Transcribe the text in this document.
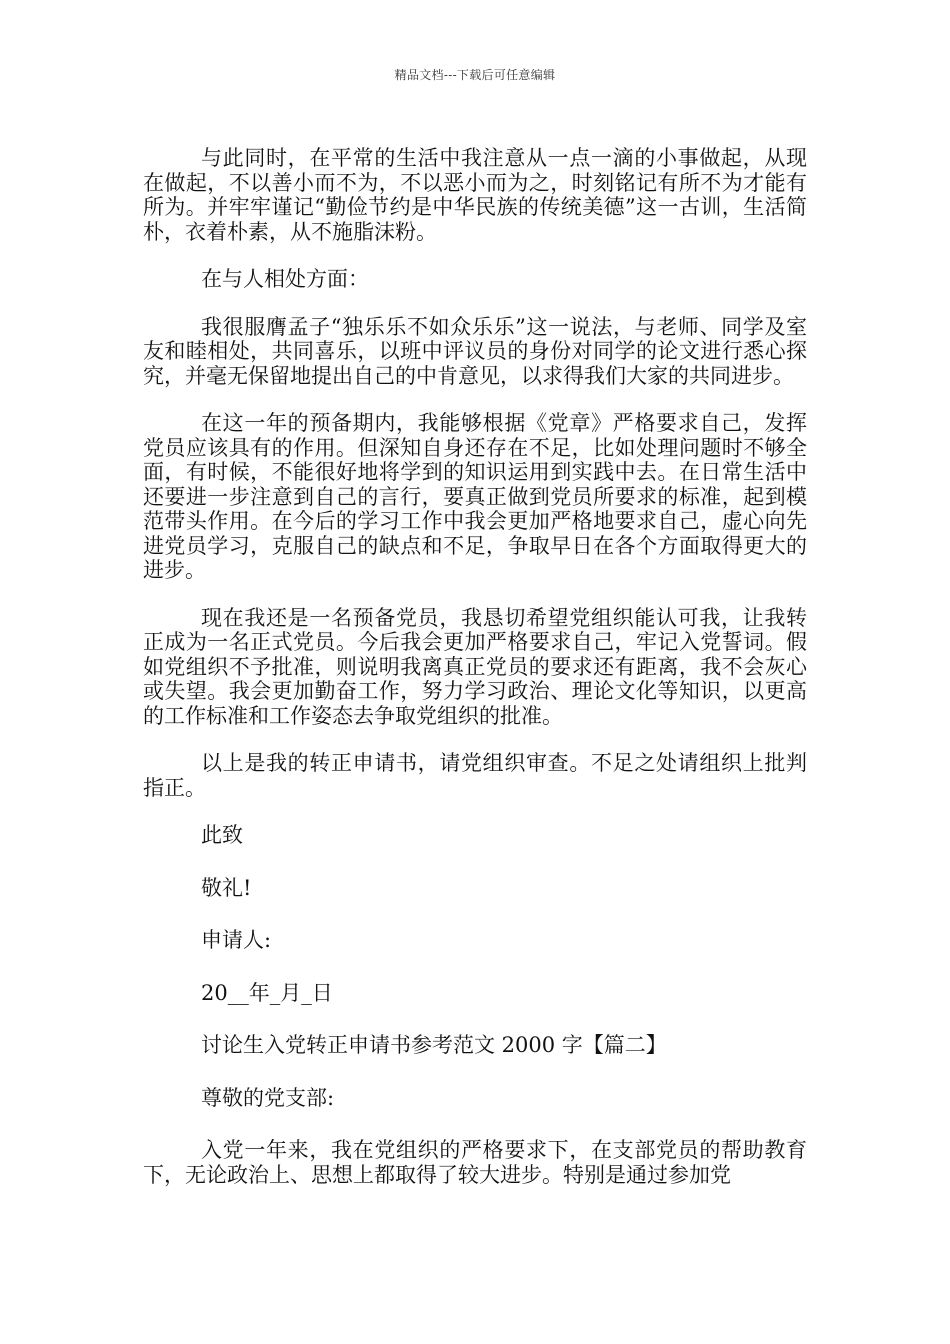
精品文档---下载后可任意编辑

与此同时，在平常的生活中我注意从一点一滴的小事做起，从现在做起，不以善小而不为，不以恶小而为之，时刻铭记有所不为才能有所为。并牢牢谨记“勤俭节约是中华民族的传统美德”这一古训，生活简朴，衣着朴素，从不施脂沫粉。

在与人相处方面：

我很服膺孟子“独乐乐不如众乐乐”这一说法，与老师、同学及室友和睦相处，共同喜乐，以班中评议员的身份对同学的论文进行悉心探究，并毫无保留地提出自己的中肯意见，以求得我们大家的共同进步。

在这一年的预备期内，我能够根据《党章》严格要求自己，发挥党员应该具有的作用。但深知自身还存在不足，比如处理问题时不够全面，有时候，不能很好地将学到的知识运用到实践中去。在日常生活中还要进一步注意到自己的言行，要真正做到党员所要求的标准，起到模范带头作用。在今后的学习工作中我会更加严格地要求自己，虚心向先进党员学习，克服自己的缺点和不足，争取早日在各个方面取得更大的进步。

现在我还是一名预备党员，我恳切希望党组织能认可我，让我转正成为一名正式党员。今后我会更加严格要求自己，牢记入党誓词。假如党组织不予批准，则说明我离真正党员的要求还有距离，我不会灰心或失望。我会更加勤奋工作，努力学习政治、理论文化等知识，以更高的工作标准和工作姿态去争取党组织的批准。

以上是我的转正申请书，请党组织审查。不足之处请组织上批判指正。

此致

敬礼!

申请人:

20__年_月_日

讨论生入党转正申请书参考范文 2000 字【篇二】

尊敬的党支部:

入党一年来，我在党组织的严格要求下，在支部党员的帮助教育下，无论政治上、思想上都取得了较大进步。特别是通过参加党
